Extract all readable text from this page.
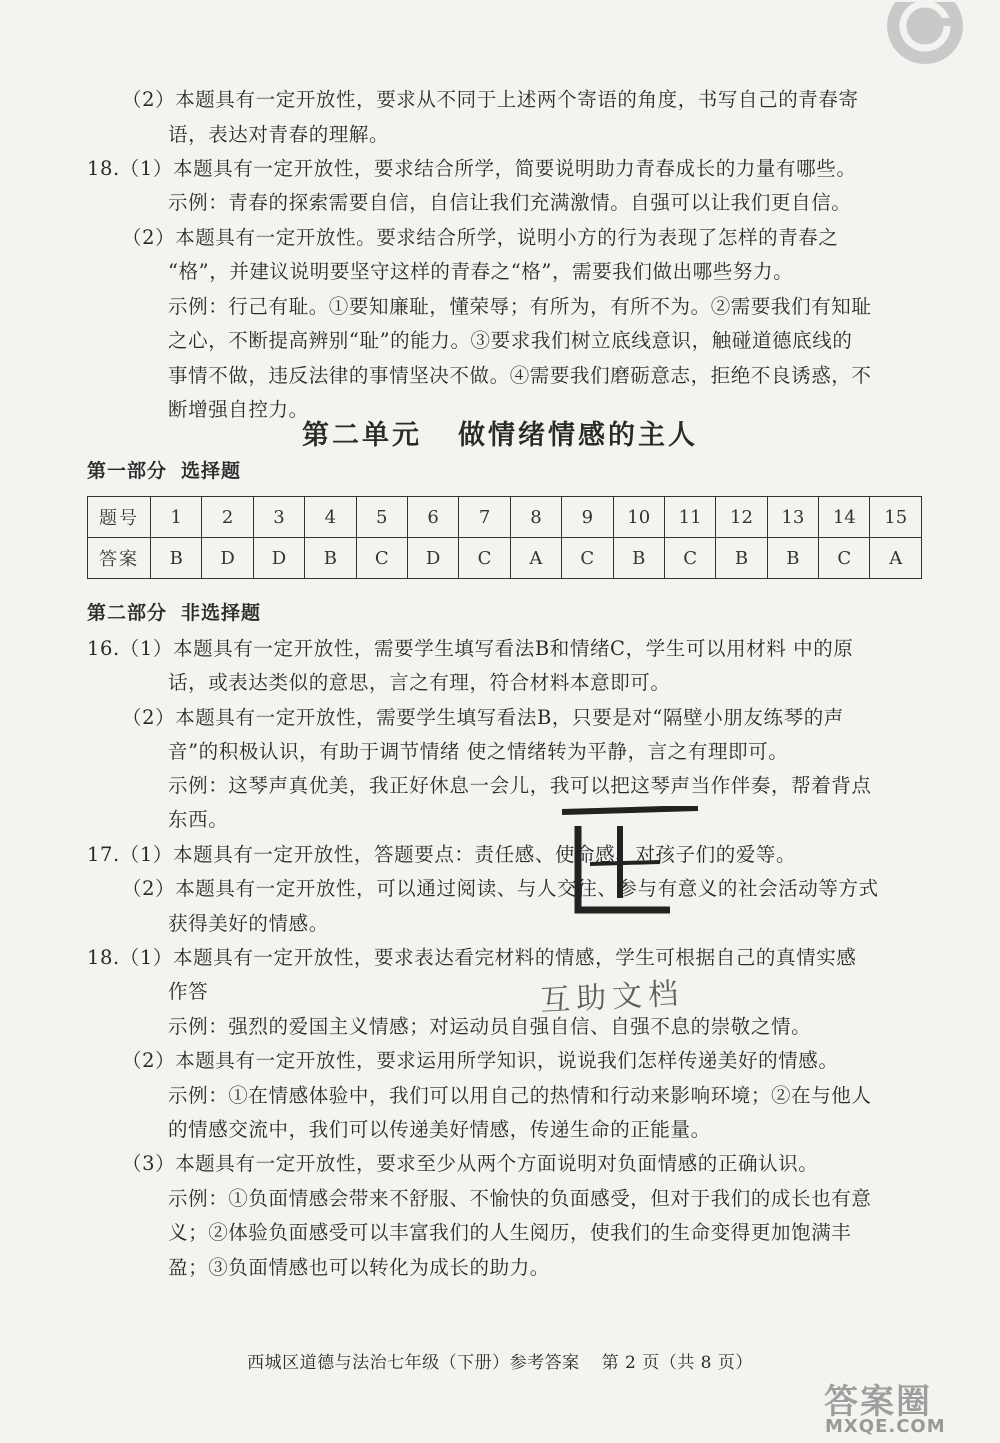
（2）本题具有一定开放性，要求从不同于上述两个寄语的角度，书写自己的青春寄
语，表达对青春的理解。
18.（1）本题具有一定开放性，要求结合所学，简要说明助力青春成长的力量有哪些。
示例：青春的探索需要自信，自信让我们充满激情。自强可以让我们更自信。
（2）本题具有一定开放性。要求结合所学，说明小方的行为表现了怎样的青春之
“格”，并建议说明要坚守这样的青春之“格”，需要我们做出哪些努力。
示例：行己有耻。①要知廉耻，懂荣辱；有所为，有所不为。②需要我们有知耻
之心，不断提高辨别“耻”的能力。③要求我们树立底线意识，触碰道德底线的
事情不做，违反法律的事情坚决不做。④需要我们磨砺意志，拒绝不良诱惑，不
断增强自控力。
第二单元 做情绪情感的主人
第一部分 选择题
题号	1	2	3	4	5	6	7	8	9	10	11	12	13	14	15
答案	B	D	D	B	C	D	C	A	C	B	C	B	B	C	A
第二部分 非选择题
16.（1）本题具有一定开放性，需要学生填写看法B和情绪C，学生可以用材料 中的原
话，或表达类似的意思，言之有理，符合材料本意即可。
（2）本题具有一定开放性，需要学生填写看法B，只要是对“隔壁小朋友练琴的声
音”的积极认识，有助于调节情绪 使之情绪转为平静，言之有理即可。
示例：这琴声真优美，我正好休息一会儿，我可以把这琴声当作伴奏，帮着背点
东西。
17.（1）本题具有一定开放性，答题要点：责任感、使命感、对孩子们的爱等。
（2）本题具有一定开放性，可以通过阅读、与人交往、参与有意义的社会活动等方式
获得美好的情感。
18.（1）本题具有一定开放性，要求表达看完材料的情感，学生可根据自己的真情实感
作答
示例：强烈的爱国主义情感；对运动员自强自信、自强不息的崇敬之情。
（2）本题具有一定开放性，要求运用所学知识，说说我们怎样传递美好的情感。
示例：①在情感体验中，我们可以用自己的热情和行动来影响环境；②在与他人
的情感交流中，我们可以传递美好情感，传递生命的正能量。
（3）本题具有一定开放性，要求至少从两个方面说明对负面情感的正确认识。
示例：①负面情感会带来不舒服、不愉快的负面感受，但对于我们的成长也有意
义；②体验负面感受可以丰富我们的人生阅历，使我们的生命变得更加饱满丰
盈；③负面情感也可以转化为成长的助力。
互助文档
西城区道德与法治七年级（下册）参考答案 第 2 页（共 8 页）
答案圈
MXQE.COM
